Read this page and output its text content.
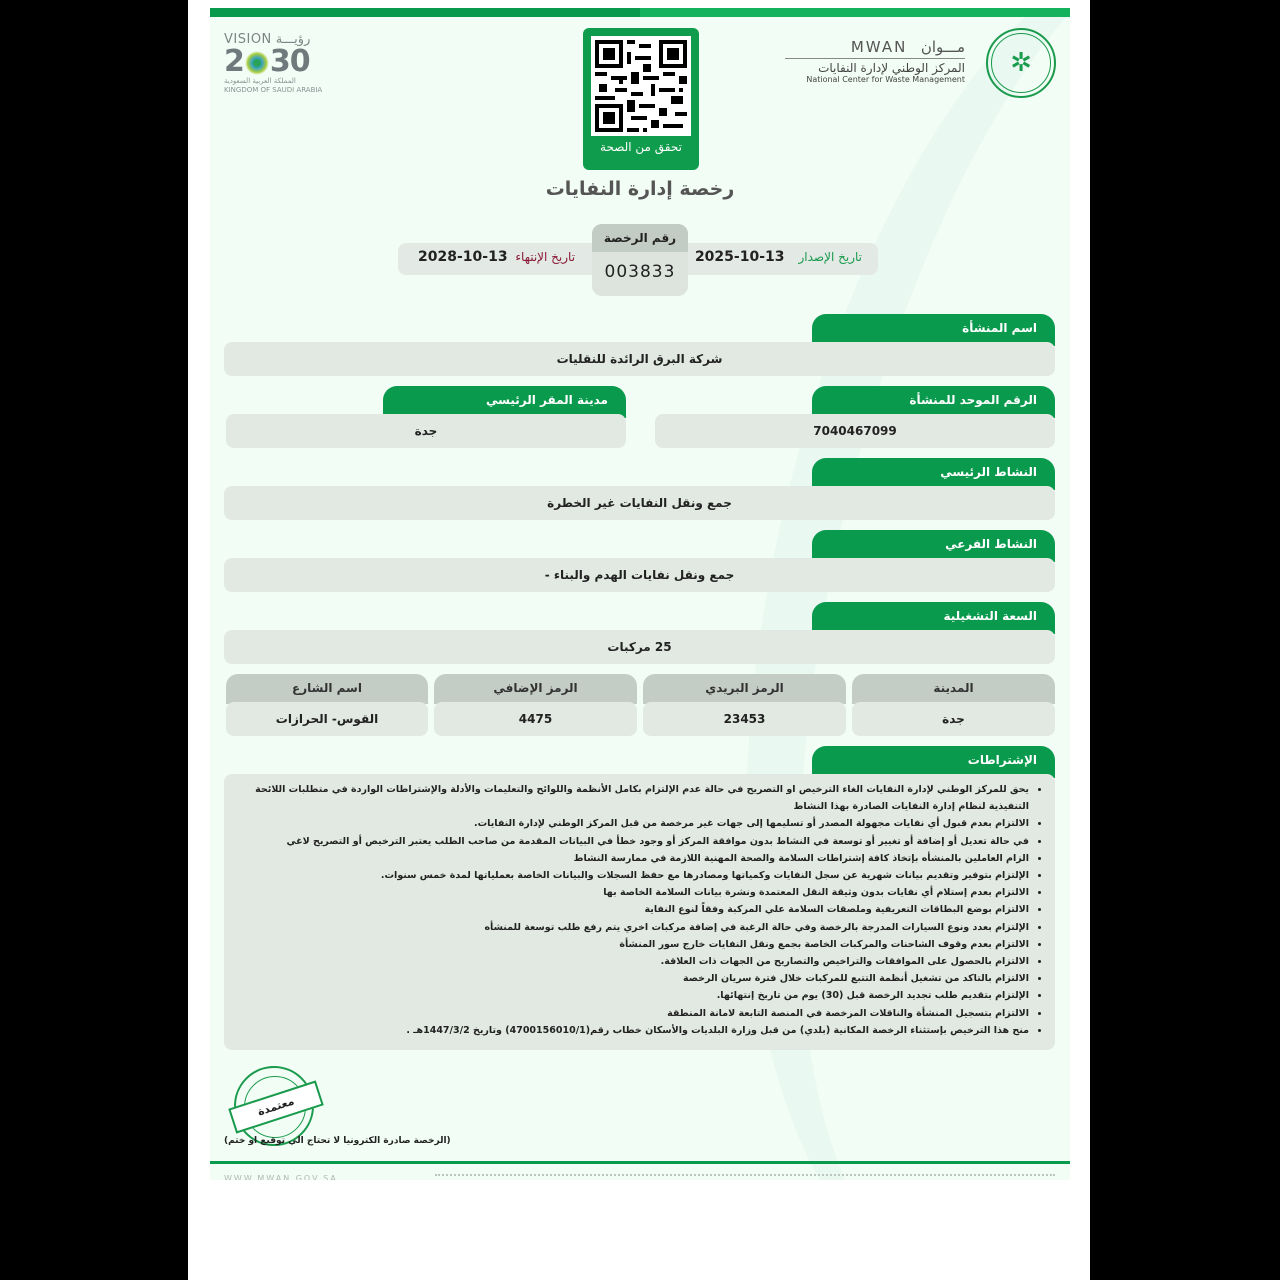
VISION رؤيـــة
2 30
المملكة العربية السعودية
KINGDOM OF SAUDI ARABIA
تحقق من الصحة
MWAN مـــوان
المركز الوطني لإدارة النفايات
National Center for Waste Management
✲
رخصة إدارة النفايات
تاريخ الإصدار13-10-2025
تاريخ الإنتهاء 13-10-2028
رقم الرخصة
003833
اسم المنشأة
شركة البرق الرائدة للنقليات
الرقم الموحد للمنشأة
7040467099
مدينة المقر الرئيسي
جدة
النشاط الرئيسي
جمع ونقل النفايات غير الخطرة
النشاط الفرعي
جمع ونقل نفايات الهدم والبناء -
السعة التشغيلية
25 مركبات
المدينة
جدة
الرمز البريدي
23453
الرمز الإضافي
4475
اسم الشارع
القوس- الحرازات
الإشتراطات
• يحق للمركز الوطني لإدارة النفايات الغاء الترخيص او التصريح في حالة عدم الإلتزام بكامل الأنظمة واللوائح والتعليمات والأدلة والإشتراطات الواردة في متطلبات اللائحة التنفيذية لنظام إدارة النفايات الصادرة بهذا النشاط
• الالتزام بعدم قبول أي نفايات مجهولة المصدر أو تسليمها إلى جهات غير مرخصة من قبل المركز الوطني لإدارة النفايات.
• في حالة تعديل أو إضافة أو تغيير أو توسعة في النشاط بدون موافقة المركز أو وجود خطأ في البيانات المقدمة من صاحب الطلب يعتبر الترخيص أو التصريح لاغي
• الزام العاملين بالمنشأه بإتخاذ كافة إشتراطات السلامة والصحة المهنية اللازمة في ممارسة النشاط
• الإلتزام بتوفير وتقديم بيانات شهرية عن سجل النفايات وكمياتها ومصادرها مع حفظ السجلات والبيانات الخاصة بعملياتها لمدة خمس سنوات.
• الالتزام بعدم إستلام أي نفايات بدون وثيقة النقل المعتمدة ونشرة بيانات السلامة الخاصة بها
• الالتزام بوضع البطاقات التعريفية وملصقات السلامة علي المركبة وفقاً لنوع النفاية
• الإلتزام بعدد ونوع السيارات المدرجة بالرخصة وفي حالة الرغبة في إضافة مركبات اخري يتم رفع طلب توسعة للمنشأه
• الالتزام بعدم وقوف الشاحنات والمركبات الخاصة بجمع ونقل النفايات خارج سور المنشأة
• الالتزام بالحصول على الموافقات والتراخيص والتصاريح من الجهات ذات العلاقة.
• الالتزام بالتاكد من تشغيل أنظمة التتبع للمركبات خلال فترة سريان الرخصة
• الإلتزام بتقديم طلب تجديد الرخصة قبل (30) يوم من تاريخ إنتهائها.
• الالتزام بتسجيل المنشأة والناقلات المرخصة في المنصة التابعة لامانة المنطقة
• منح هذا الترخيص بإستثناء الرخصة المكانية (بلدي) من قبل وزارة البلديات والأسكان خطاب رقم(4700156010/1) وتاريخ 1447/3/2هـ .
معتمدة
(الرخصة صادرة الكترونيا لا تحتاج الي توقيع او ختم)
WWW.MWAN.GOV.SA
